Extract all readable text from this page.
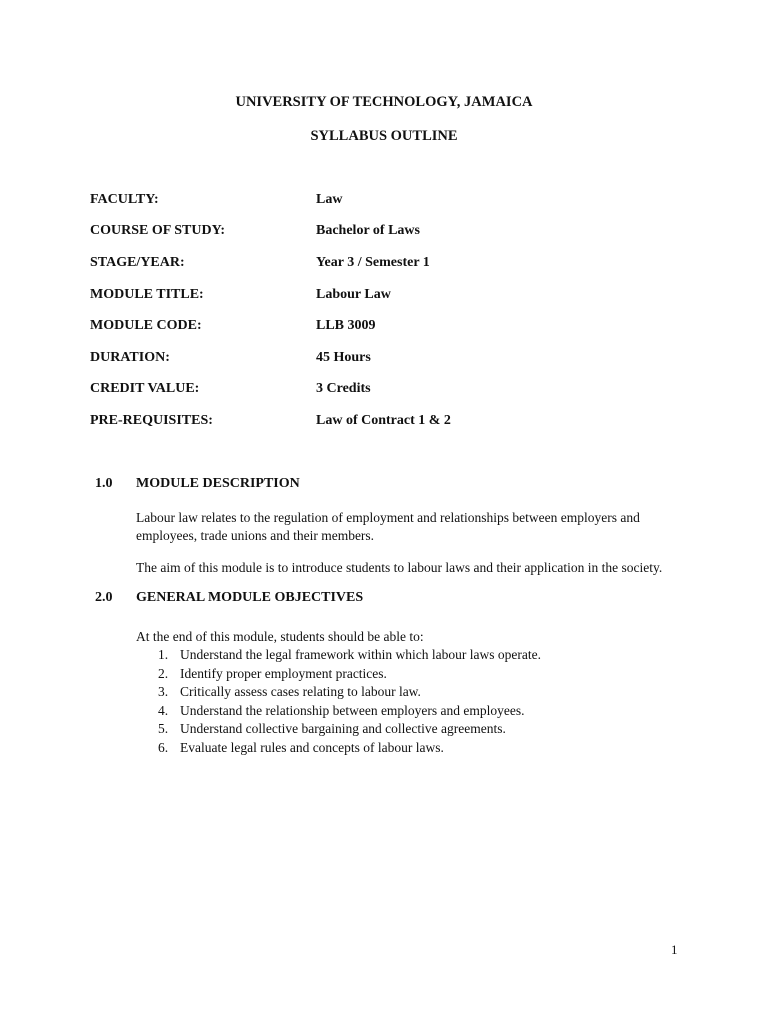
UNIVERSITY OF TECHNOLOGY, JAMAICA
SYLLABUS OUTLINE
FACULTY:	Law
COURSE OF STUDY:	Bachelor of Laws
STAGE/YEAR:	Year 3 / Semester 1
MODULE TITLE:	Labour Law
MODULE CODE:	LLB 3009
DURATION:	45 Hours
CREDIT VALUE:	3 Credits
PRE-REQUISITES:	Law of Contract 1 & 2
1.0 MODULE DESCRIPTION
Labour law relates to the regulation of employment and relationships between employers and employees, trade unions and their members.
The aim of this module is to introduce students to labour laws and their application in the society.
2.0 GENERAL MODULE OBJECTIVES
At the end of this module, students should be able to:
1. Understand the legal framework within which labour laws operate.
2. Identify proper employment practices.
3. Critically assess cases relating to labour law.
4. Understand the relationship between employers and employees.
5. Understand collective bargaining and collective agreements.
6. Evaluate legal rules and concepts of labour laws.
1
